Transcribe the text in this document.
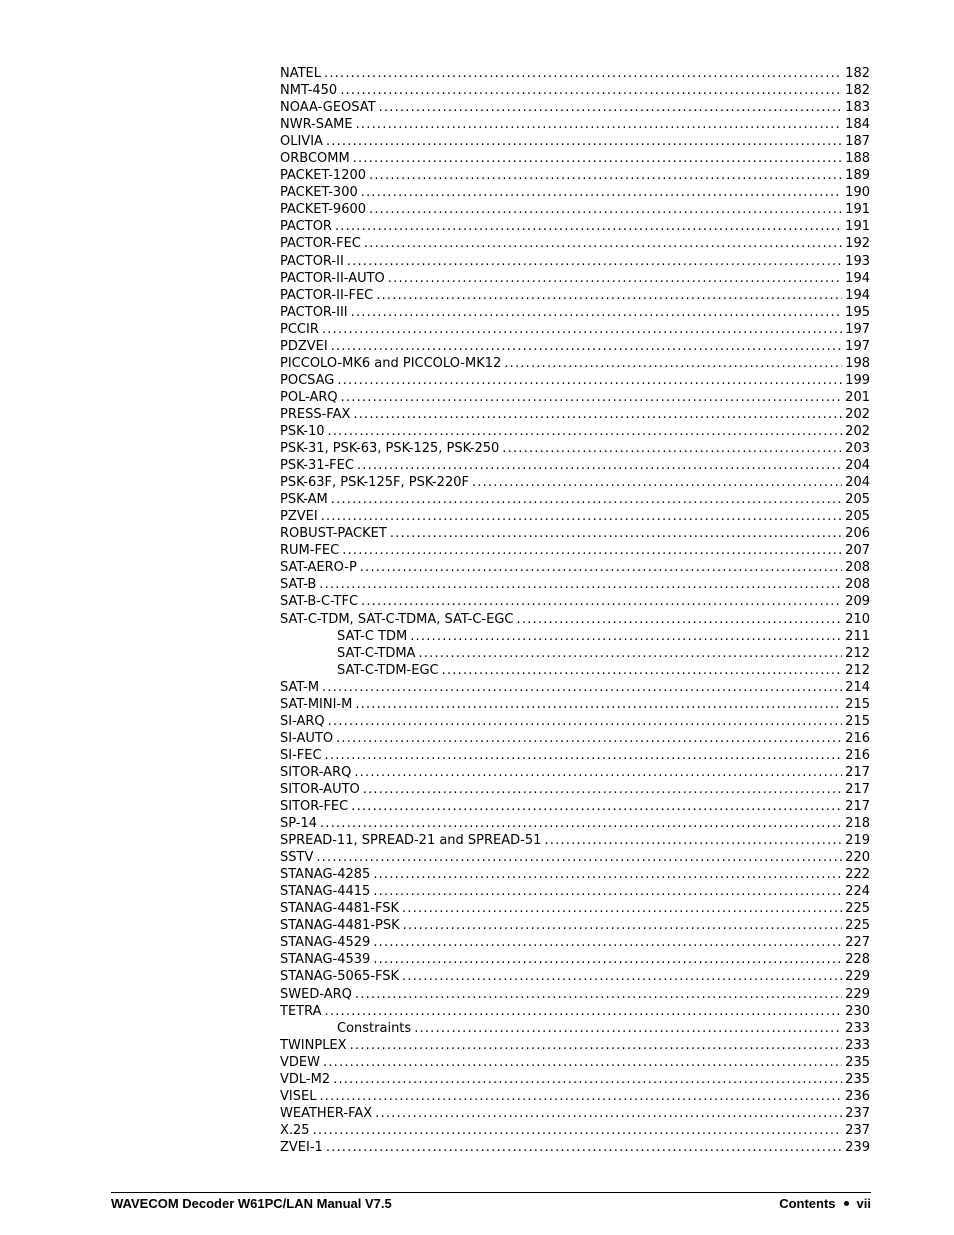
NATEL .....	182
NMT-450 .....	182
NOAA-GEOSAT .....	183
NWR-SAME .....	184
OLIVIA .....	187
ORBCOMM .....	188
PACKET-1200 .....	189
PACKET-300 .....	190
PACKET-9600 .....	191
PACTOR .....	191
PACTOR-FEC .....	192
PACTOR-II .....	193
PACTOR-II-AUTO .....	194
PACTOR-II-FEC .....	194
PACTOR-III .....	195
PCCIR .....	197
PDZVEI .....	197
PICCOLO-MK6 and PICCOLO-MK12 .....	198
POCSAG .....	199
POL-ARQ .....	201
PRESS-FAX .....	202
PSK-10 .....	202
PSK-31, PSK-63, PSK-125, PSK-250 .....	203
PSK-31-FEC .....	204
PSK-63F, PSK-125F, PSK-220F .....	204
PSK-AM .....	205
PZVEI .....	205
ROBUST-PACKET .....	206
RUM-FEC .....	207
SAT-AERO-P .....	208
SAT-B .....	208
SAT-B-C-TFC .....	209
SAT-C-TDM, SAT-C-TDMA, SAT-C-EGC .....	210
SAT-C TDM .....	211
SAT-C-TDMA .....	212
SAT-C-TDM-EGC .....	212
SAT-M .....	214
SAT-MINI-M .....	215
SI-ARQ .....	215
SI-AUTO .....	216
SI-FEC .....	216
SITOR-ARQ .....	217
SITOR-AUTO .....	217
SITOR-FEC .....	217
SP-14 .....	218
SPREAD-11, SPREAD-21 and SPREAD-51 .....	219
SSTV .....	220
STANAG-4285 .....	222
STANAG-4415 .....	224
STANAG-4481-FSK .....	225
STANAG-4481-PSK .....	225
STANAG-4529 .....	227
STANAG-4539 .....	228
STANAG-5065-FSK .....	229
SWED-ARQ .....	229
TETRA .....	230
Constraints .....	233
TWINPLEX .....	233
VDEW .....	235
VDL-M2 .....	235
VISEL .....	236
WEATHER-FAX .....	237
X.25 .....	237
ZVEI-1 .....	239
WAVECOM Decoder W61PC/LAN Manual V7.5	Contents vii
